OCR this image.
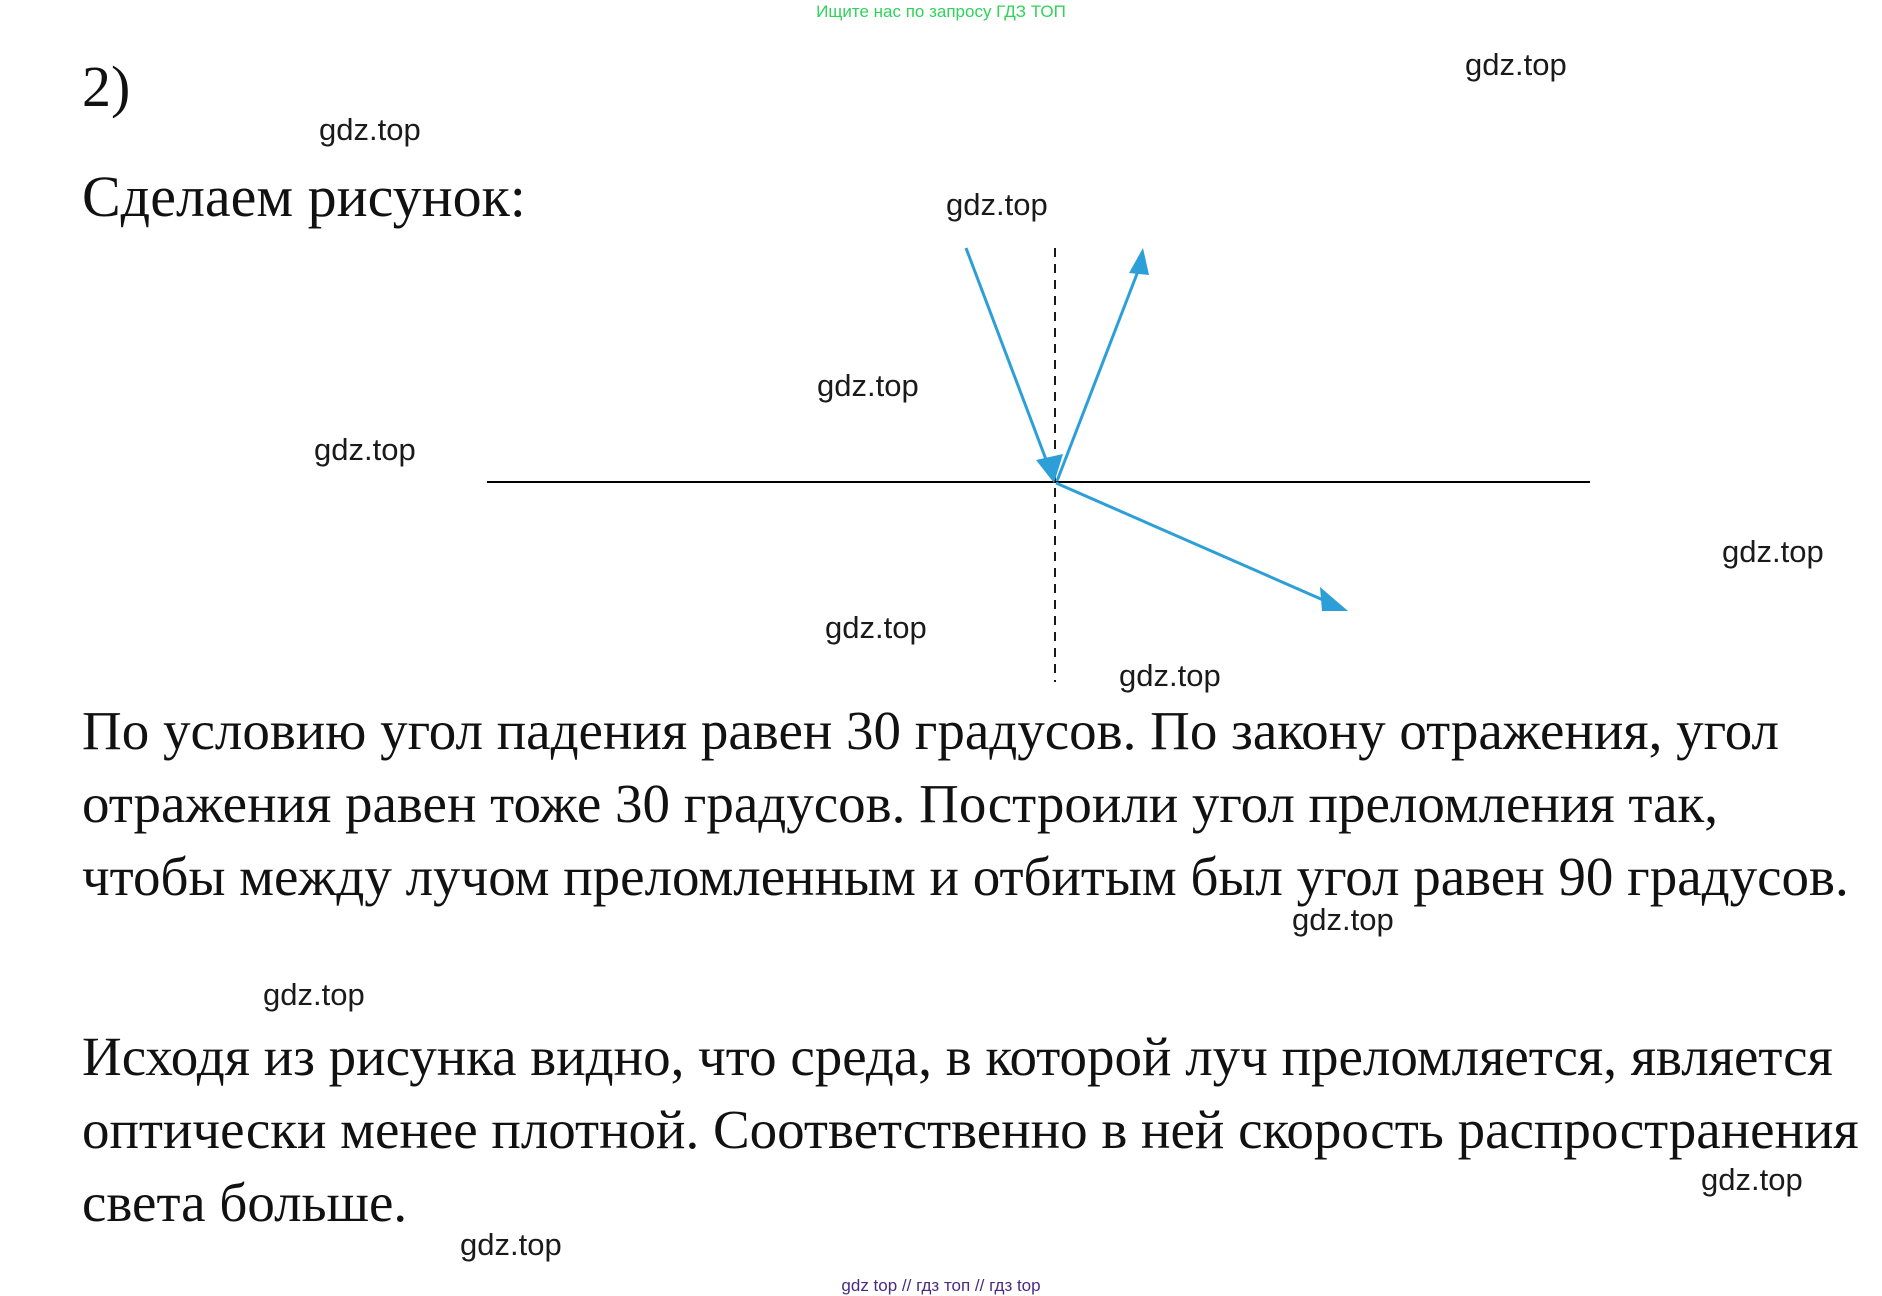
Ищите нас по запросу ГДЗ ТОП
2)
Сделаем рисунок:

По условию угол падения равен 30 градусов. По закону отражения, угол отражения равен тоже 30 градусов. Построили угол преломления так, чтобы между лучом преломленным и отбитым был угол равен 90 градусов.

Исходя из рисунка видно, что среда, в которой луч преломляется, является оптически менее плотной. Соответственно в ней скорость распространения света больше.

gdz.top
gdz.top
gdz.top
gdz.top
gdz.top
gdz.top
gdz.top
gdz.top
gdz.top
gdz.top
gdz.top
gdz.top
gdz top // гдз топ // гдз top
